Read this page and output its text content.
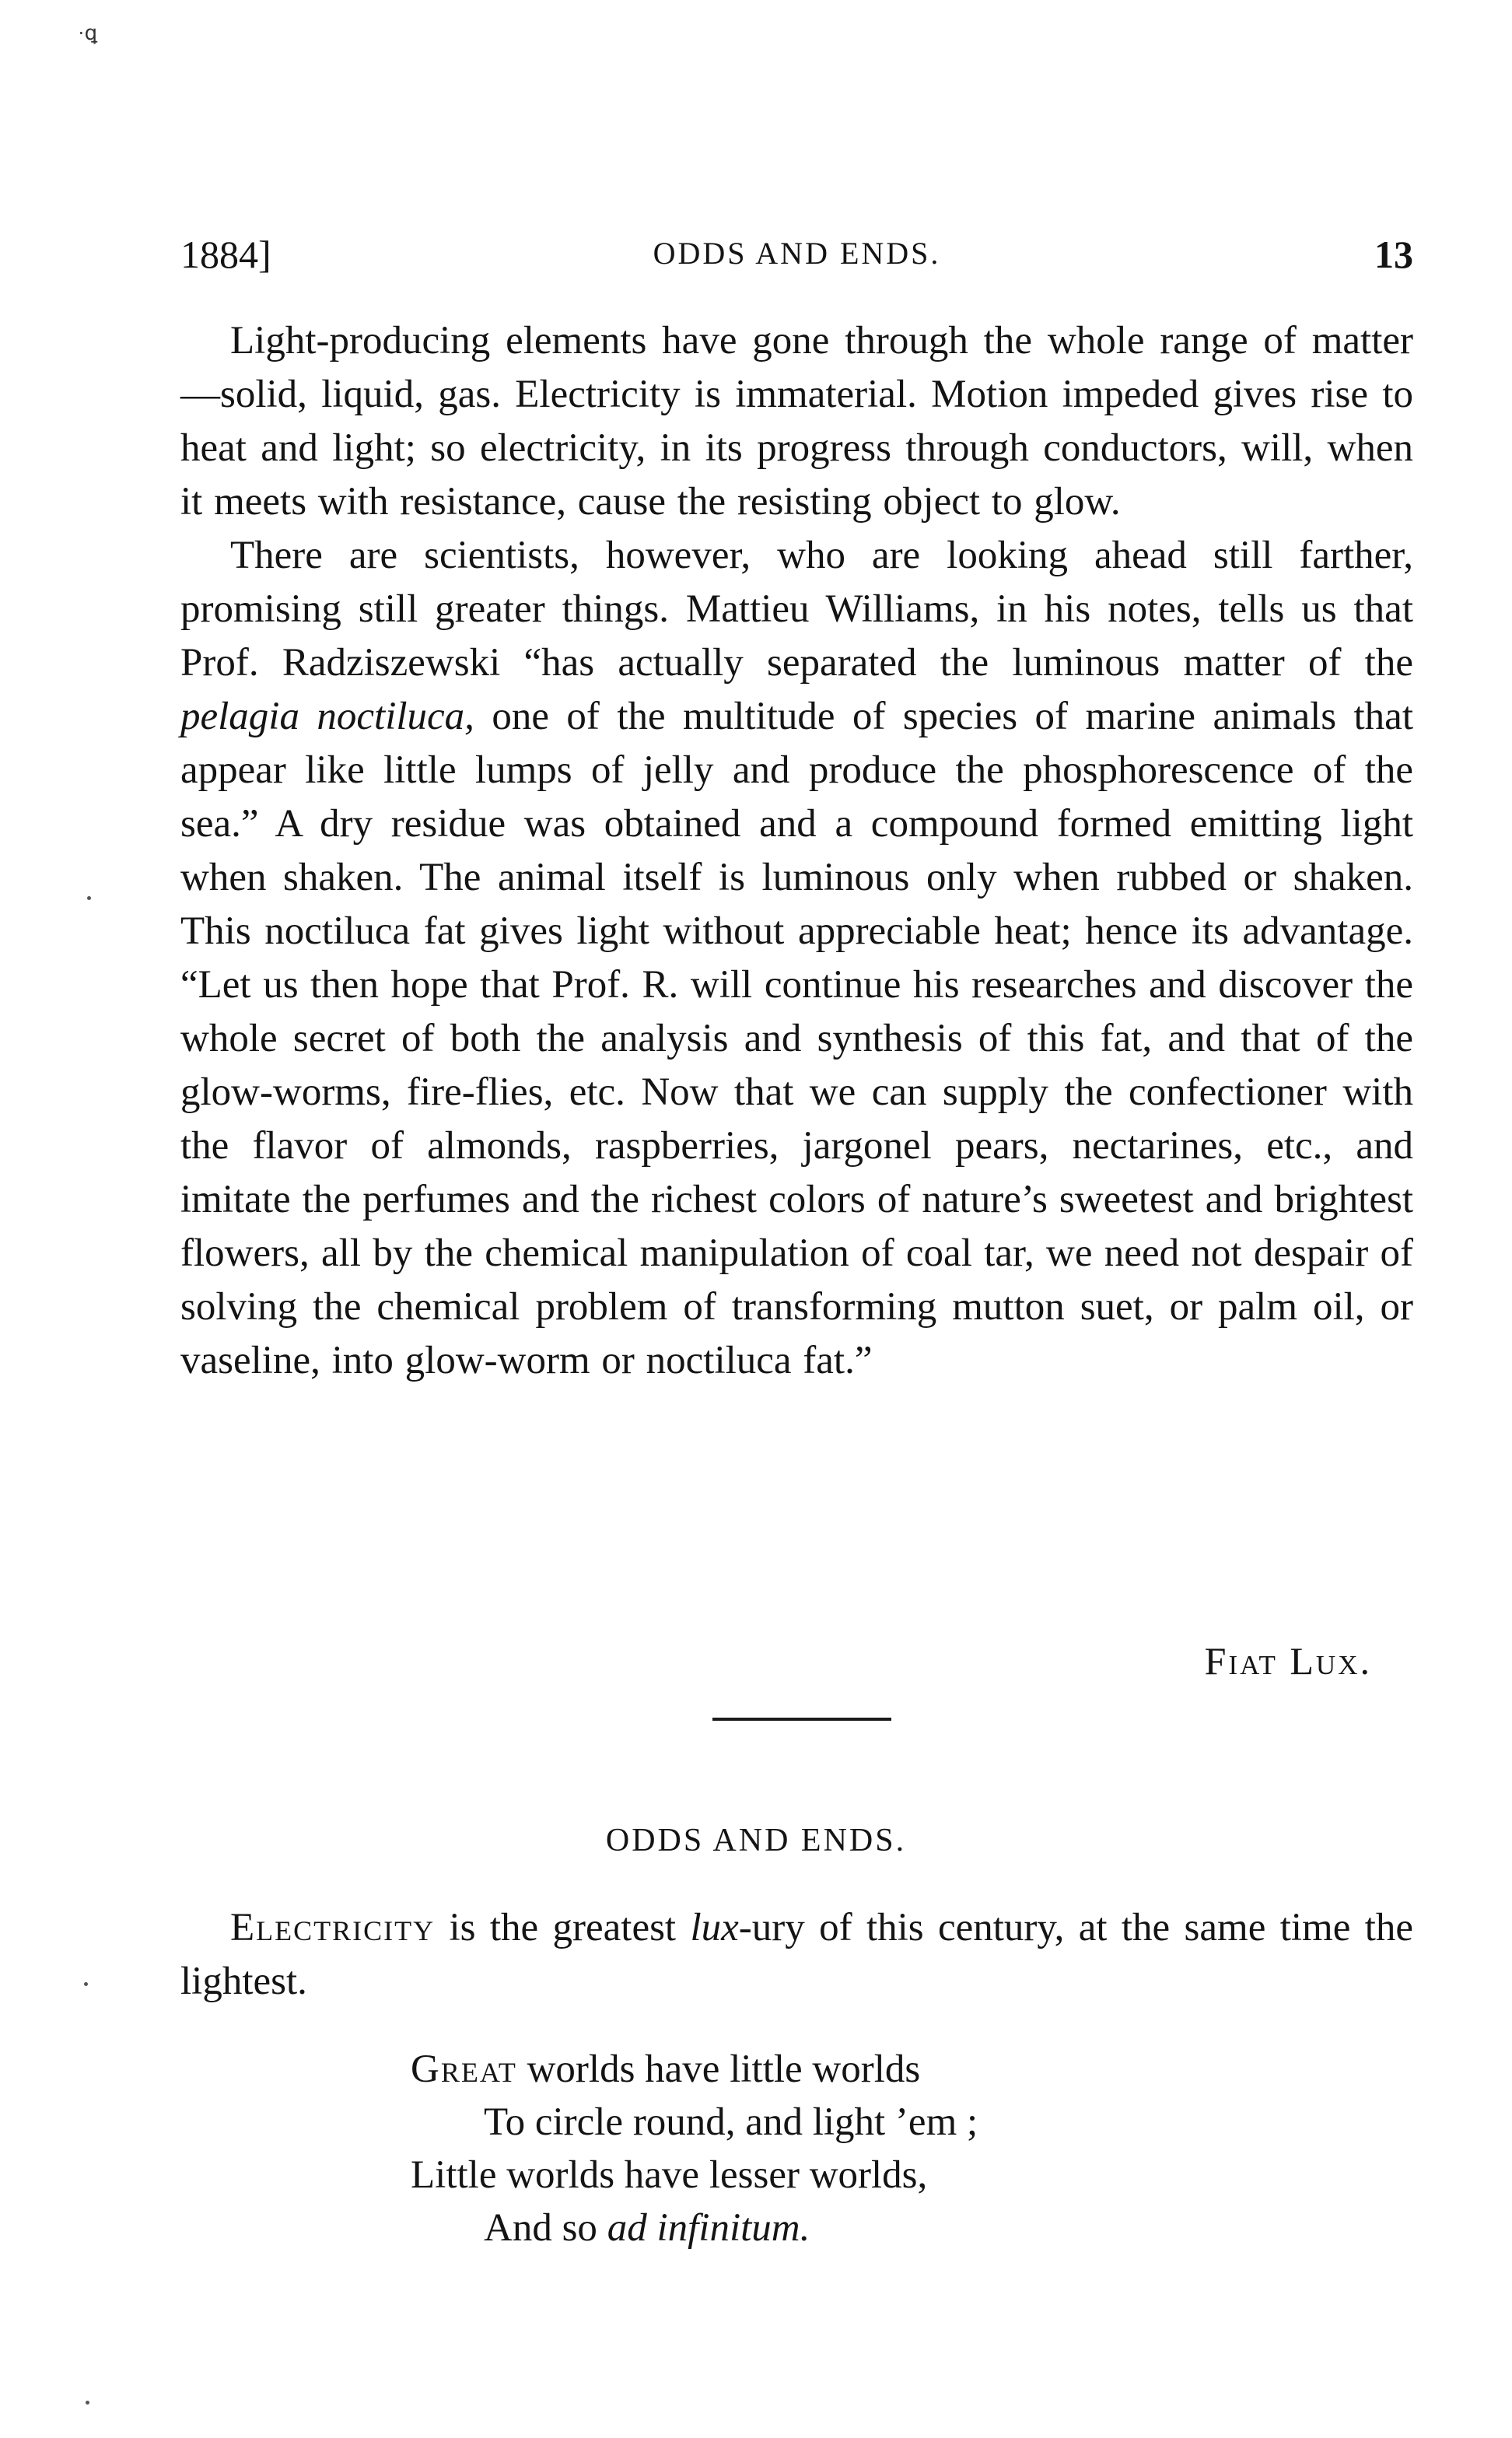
·ꝗ
1884]	ODDS AND ENDS.	13

Light-producing elements have gone through the whole range of matter—solid, liquid, gas. Electricity is immaterial. Motion impeded gives rise to heat and light; so electricity, in its progress through conductors, will, when it meets with resistance, cause the resisting object to glow.

There are scientists, however, who are looking ahead still farther, promising still greater things. Mattieu Williams, in his notes, tells us that Prof. Radziszewski “has actually separated the luminous matter of the pelagia noctiluca, one of the multitude of species of marine animals that appear like little lumps of jelly and produce the phosphorescence of the sea.” A dry residue was obtained and a compound formed emitting light when shaken. The animal itself is luminous only when rubbed or shaken. This noctiluca fat gives light without appreciable heat; hence its advantage. “Let us then hope that Prof. R. will continue his researches and discover the whole secret of both the analysis and synthesis of this fat, and that of the glow-worms, fire-flies, etc. Now that we can supply the confectioner with the flavor of almonds, raspberries, jargonel pears, nectarines, etc., and imitate the perfumes and the richest colors of nature’s sweetest and brightest flowers, all by the chemical manipulation of coal tar, we need not despair of solving the chemical problem of transforming mutton suet, or palm oil, or vaseline, into glow-worm or noctiluca fat.”

Fiat Lux.
ODDS AND ENDS.

Electricity is the greatest lux-ury of this century, at the same time the lightest.

Great worlds have little worlds
To circle round, and light ’em ;
Little worlds have lesser worlds,
And so ad infinitum.
